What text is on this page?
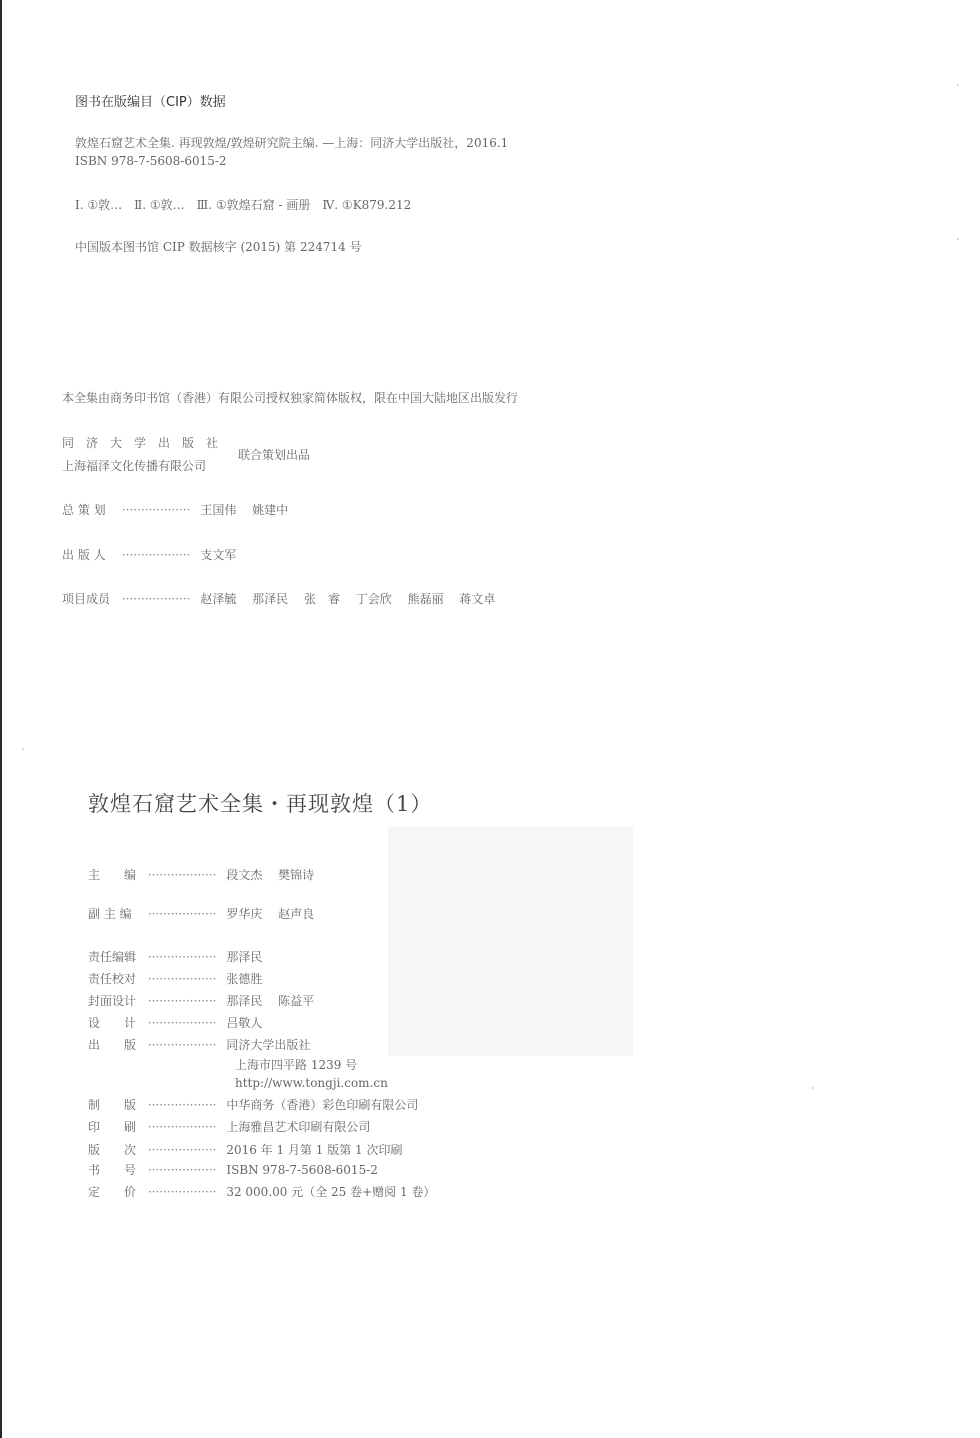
图书在版编目（CIP）数据
敦煌石窟艺术全集. 再现敦煌/敦煌研究院主编. —上海：同济大学出版社，2016.1
ISBN 978-7-5608-6015-2
Ⅰ. ①敦…　Ⅱ. ①敦…　Ⅲ. ①敦煌石窟 - 画册　Ⅳ. ①K879.212
中国版本图书馆 CIP 数据核字 (2015) 第 224714 号
本全集由商务印书馆（香港）有限公司授权独家简体版权，限在中国大陆地区出版发行
同　济　大　学　出　版　社
上海福泽文化传播有限公司
联合策划出品
总 策 划 ·················· 王国伟　 姚建中
出 版 人 ·················· 支文军
项目成员 ·················· 赵泽毓　 那泽民　 张　睿　 丁会欣　 熊磊丽　 蒋文卓
敦煌石窟艺术全集・再现敦煌（1）
主　　编 ·················· 段文杰　 樊锦诗
副 主 编 ·················· 罗华庆　 赵声良
责任编辑 ·················· 那泽民
责任校对 ·················· 张德胜
封面设计 ·················· 那泽民　 陈益平
设　　计 ·················· 吕敬人
出　　版 ·················· 同济大学出版社
上海市四平路 1239 号
http://www.tongji.com.cn
制　　版 ·················· 中华商务（香港）彩色印刷有限公司
印　　刷 ·················· 上海雅昌艺术印刷有限公司
版　　次 ·················· 2016 年 1 月第 1 版第 1 次印刷
书　　号 ·················· ISBN 978-7-5608-6015-2
定　　价 ·················· 32 000.00 元（全 25 卷+赠阅 1 卷）
